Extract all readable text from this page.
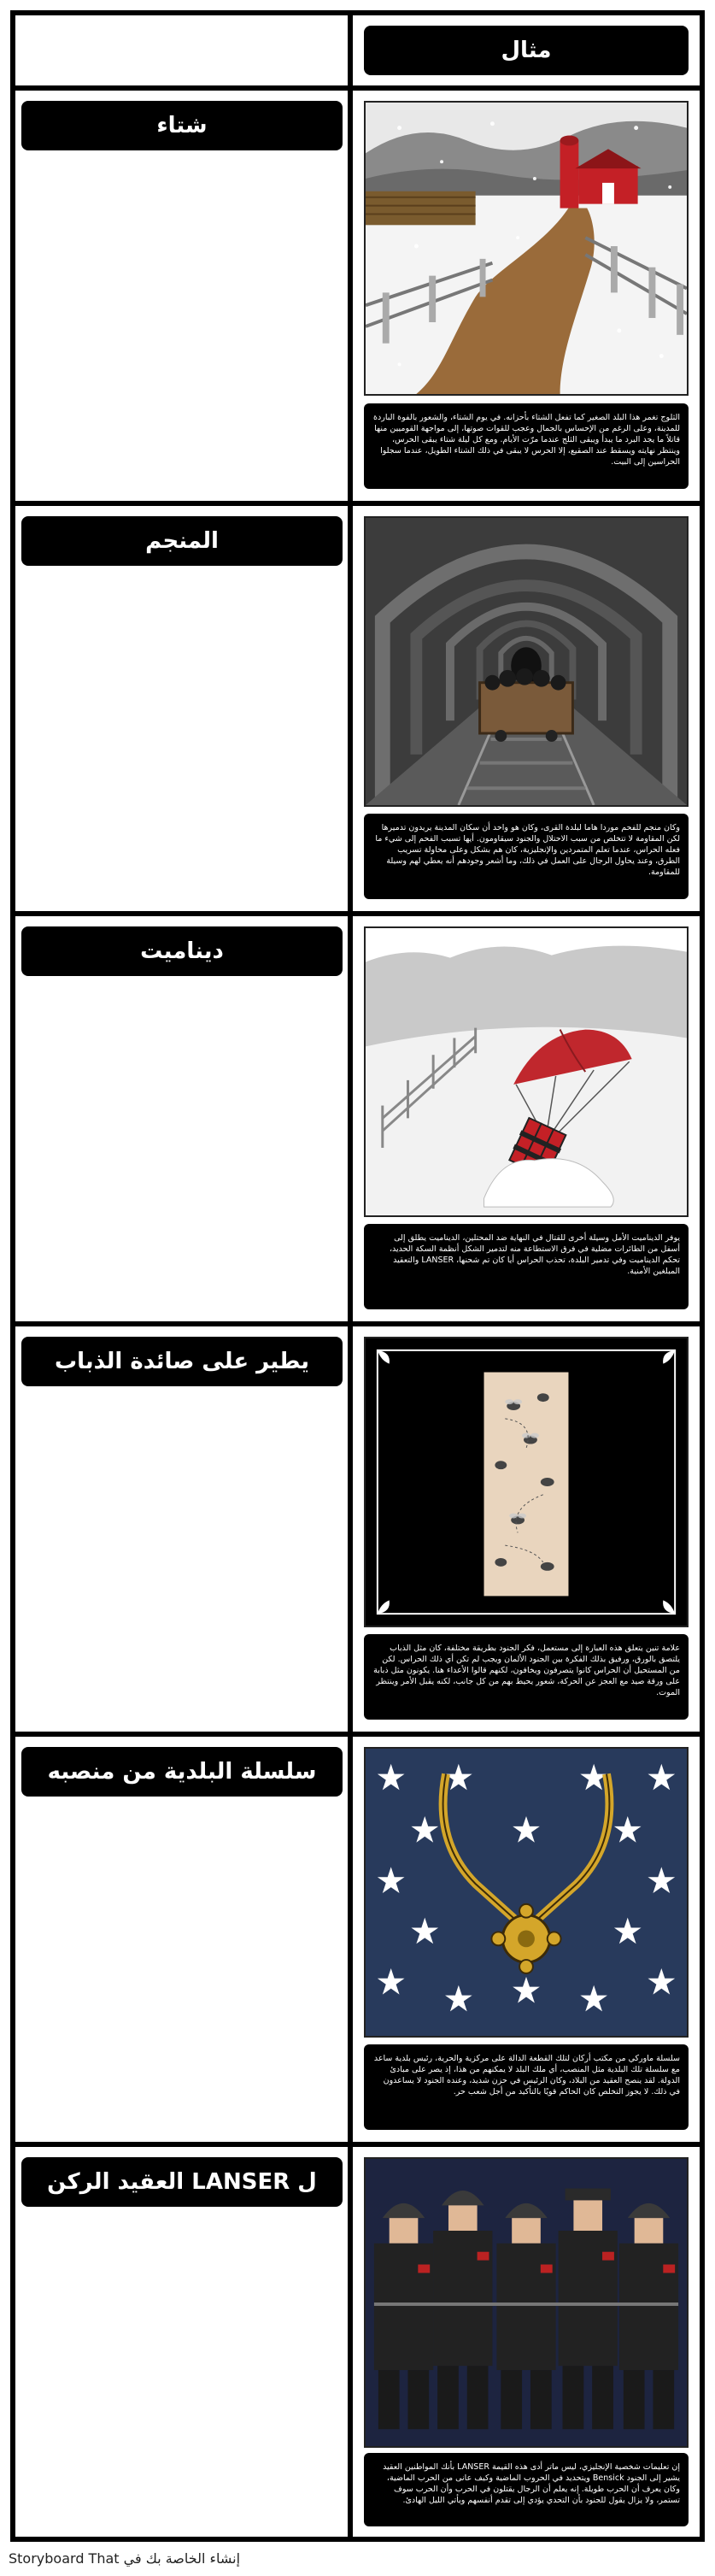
مثال
شتاء
الثلوج تغمر هذا البلد الصغير كما تفعل الشتاء بأحزانه. في يوم الشتاء، والشعور بالفوة الباردة للمدينة، وعلى الرغم من الإحساس بالجمال وعجب للقوات صوتها، إلى مواجهة القوميين منها قاتلاً ما يجد البرد ما يبدأ ويبقى الثلج عندما مرّت الأيام. ومع كل ليلة شتاء يبقى الحرس، وينتظر نهايته ويسقط عند الصقيع، إلا الحرس لا يبقى في ذلك الشتاء الطويل، عندما سجلوا الحراسين إلى البيت.
المنجم
وكان منجم للفحم موردا هاما لبلدة القرى، وكان هو واحد أن سكان المدينة يريدون تدميرها لكن المقاومة لا تتخلص من سبب الاحتلال والجنود سيقاومون. أيها تسبب الفحم إلى شيء ما فعله الحراس، عندما تعلم المتمردين والإنجليزية، كان هم بشكل وعلى محاولة تسريب الطرق، وعند يحاول الرجال على العمل في ذلك، وما أشعر وجودهم أنه يعطي لهم وسيلة للمقاومة.
ديناميت
يوفر الديناميت الأمل وسيلة أخرى للقتال في النهاية ضد المحتلين، الديناميت يطلق إلى أسفل من الطائرات مضلية في فرق الاستطاعة منه لتدمير الشكل أنظمة السكة الحديد، تحكم الديناميت وفي تدمير البلدة، تحذب الحراس أيا كان تم شحنها، LANSER والتعقيد المبلغين الأمنية.
يطير على صائدة الذباب
علامة تنين يتعلق هذه العبارة إلى مستعمل، فكر الجنود بطريقة مختلفة، كان مثل الذباب يلتصق بالورق، ورفيق بذلك الفكرة بين الجنود الألمان ويجب لم تكن أي ذلك الحراس. لكن من المستحيل أن الحراس كانوا يتصرفون ويخافون، لكنهم قالوا الأعداء هنا. يكونون مثل ذبابة على ورقة صيد مع العجز عن الحركة، شعور يحيط بهم من كل جانب، لكنه يقبل الأمر وينتظر الموت.
سلسلة البلدية من منصبه
سلسلة ماوركي من مكتب أركان لتلك القطعة الدالة على مركزية والحرية، رئيس بلدية ساعد مع سلسلة تلك البلدية مثل المنصب، أي ملك البلد لا يمكنهم من هذا، إذ يصر على مبادئ الدولة. لقد ينصح العقيد من البلاد، وكان الرئيس في حزن شديد، وعنده الجنود لا يساعدون في ذلك. لا يجوز التخلص كان الحاكم قويًا بالتأكيد من أجل شعب حر.
ل LANSER العقيد الركن
إن تعليمات شخصية الإنجليزي، ليس ماتر أدى هذه القيمة LANSER بأنك المواطنين العقيد يشير إلى الجنود Bensick ويتحديد في الحروب الماضية وكيف عانى من الحرب الماضية، وكان يعرف أن الحرب طويلة. إنه يعلم أن الرجال يقتلون في الحرب وأن الحرب سوف تستمر، ولا يزال يقول للجنود بأن التحدي يؤدي إلى تقدم أنفسهم ويأتي الليل الهادئ.
إنشاء الخاصة بك في Storyboard That
